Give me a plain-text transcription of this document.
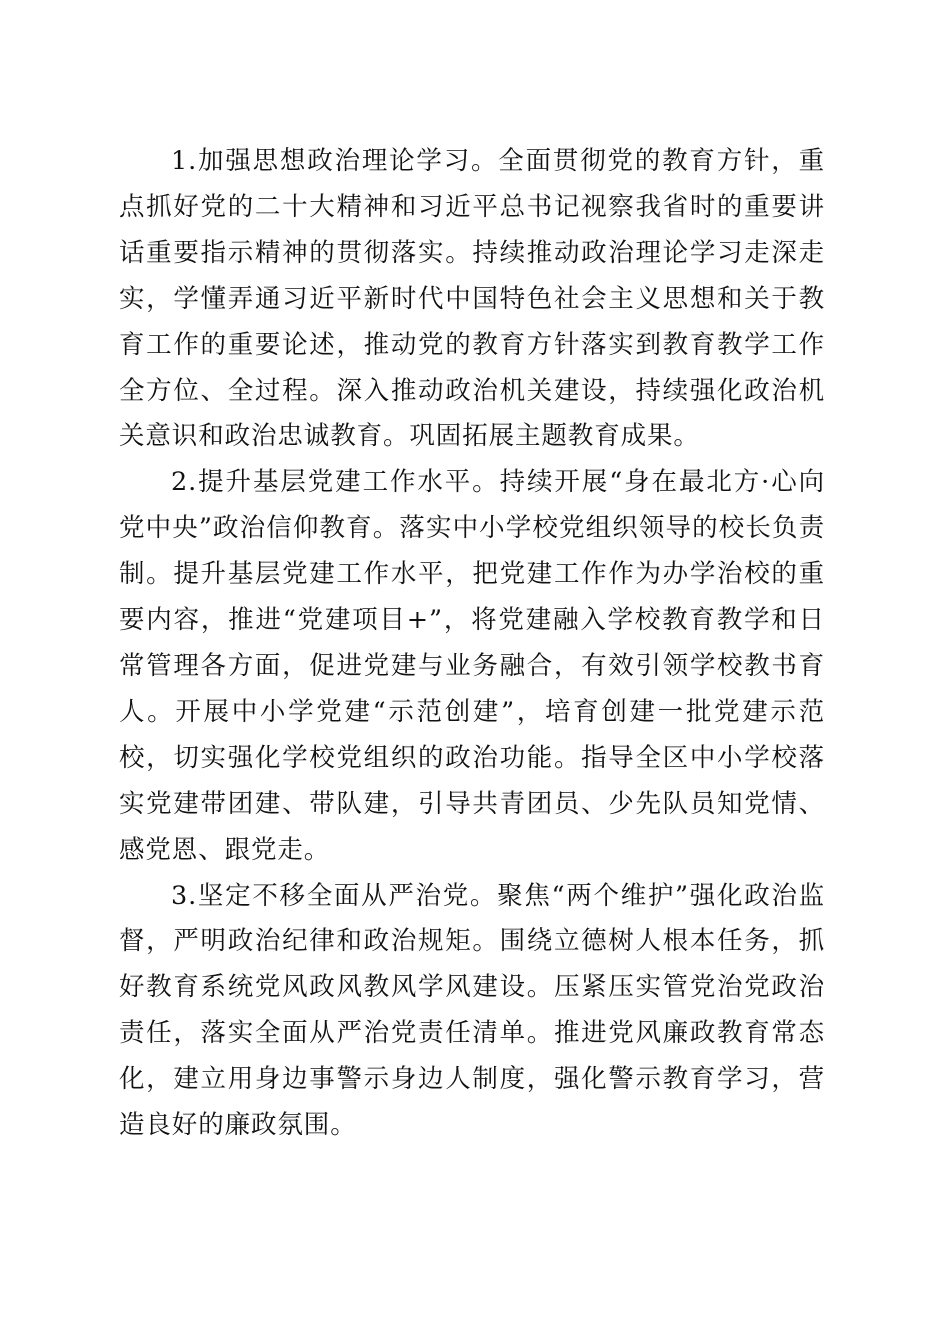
1.加强思想政治理论学习。全面贯彻党的教育方针，重点抓好党的二十大精神和习近平总书记视察我省时的重要讲话重要指示精神的贯彻落实。持续推动政治理论学习走深走实，学懂弄通习近平新时代中国特色社会主义思想和关于教育工作的重要论述，推动党的教育方针落实到教育教学工作全方位、全过程。深入推动政治机关建设，持续强化政治机关意识和政治忠诚教育。巩固拓展主题教育成果。

2.提升基层党建工作水平。持续开展“身在最北方·心向党中央”政治信仰教育。落实中小学校党组织领导的校长负责制。提升基层党建工作水平，把党建工作作为办学治校的重要内容，推进“党建项目+”，将党建融入学校教育教学和日常管理各方面，促进党建与业务融合，有效引领学校教书育人。开展中小学党建“示范创建”，培育创建一批党建示范校，切实强化学校党组织的政治功能。指导全区中小学校落实党建带团建、带队建，引导共青团员、少先队员知党情、感党恩、跟党走。

3.坚定不移全面从严治党。聚焦“两个维护”强化政治监督，严明政治纪律和政治规矩。围绕立德树人根本任务，抓好教育系统党风政风教风学风建设。压紧压实管党治党政治责任，落实全面从严治党责任清单。推进党风廉政教育常态化，建立用身边事警示身边人制度，强化警示教育学习，营造良好的廉政氛围。
